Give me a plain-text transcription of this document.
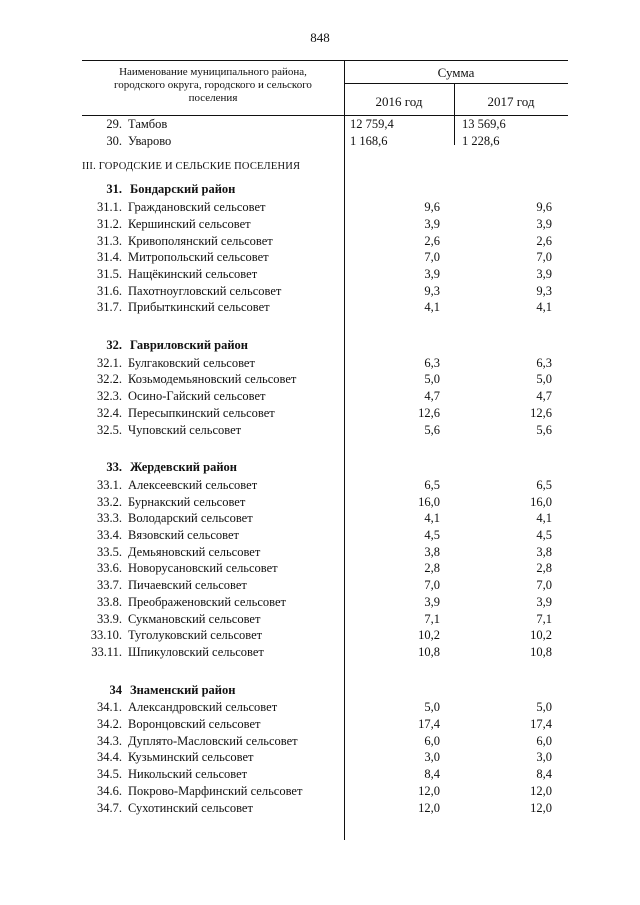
848
Наименование муниципального района,
городского округа, городского и сельского
поселения
Сумма
2016 год	2017 год
29. Тамбов	12 759,4	13 569,6
30. Уварово	1 168,6	1 228,6
III. ГОРОДСКИЕ И СЕЛЬСКИЕ ПОСЕЛЕНИЯ
31. Бондарский район
31.1. Граждановский сельсовет	9,6	9,6
31.2. Кершинский сельсовет	3,9	3,9
31.3. Кривополянский сельсовет	2,6	2,6
31.4. Митропольский сельсовет	7,0	7,0
31.5. Нащёкинский сельсовет	3,9	3,9
31.6. Пахотноугловский сельсовет	9,3	9,3
31.7. Прибыткинский сельсовет	4,1	4,1
32. Гавриловский район
32.1. Булгаковский сельсовет	6,3	6,3
32.2. Козьмодемьяновский сельсовет	5,0	5,0
32.3. Осино-Гайский сельсовет	4,7	4,7
32.4. Пересыпкинский сельсовет	12,6	12,6
32.5. Чуповский сельсовет	5,6	5,6
33. Жердевский район
33.1. Алексеевский сельсовет	6,5	6,5
33.2. Бурнакский сельсовет	16,0	16,0
33.3. Володарский сельсовет	4,1	4,1
33.4. Вязовский сельсовет	4,5	4,5
33.5. Демьяновский сельсовет	3,8	3,8
33.6. Новорусановский сельсовет	2,8	2,8
33.7. Пичаевский сельсовет	7,0	7,0
33.8. Преображеновский сельсовет	3,9	3,9
33.9. Сукмановский сельсовет	7,1	7,1
33.10. Туголуковский сельсовет	10,2	10,2
33.11. Шпикуловский сельсовет	10,8	10,8
34 Знаменский район
34.1. Александровский сельсовет	5,0	5,0
34.2. Воронцовский сельсовет	17,4	17,4
34.3. Дуплято-Масловский сельсовет	6,0	6,0
34.4. Кузьминский сельсовет	3,0	3,0
34.5. Никольский сельсовет	8,4	8,4
34.6. Покрово-Марфинский сельсовет	12,0	12,0
34.7. Сухотинский сельсовет	12,0	12,0
